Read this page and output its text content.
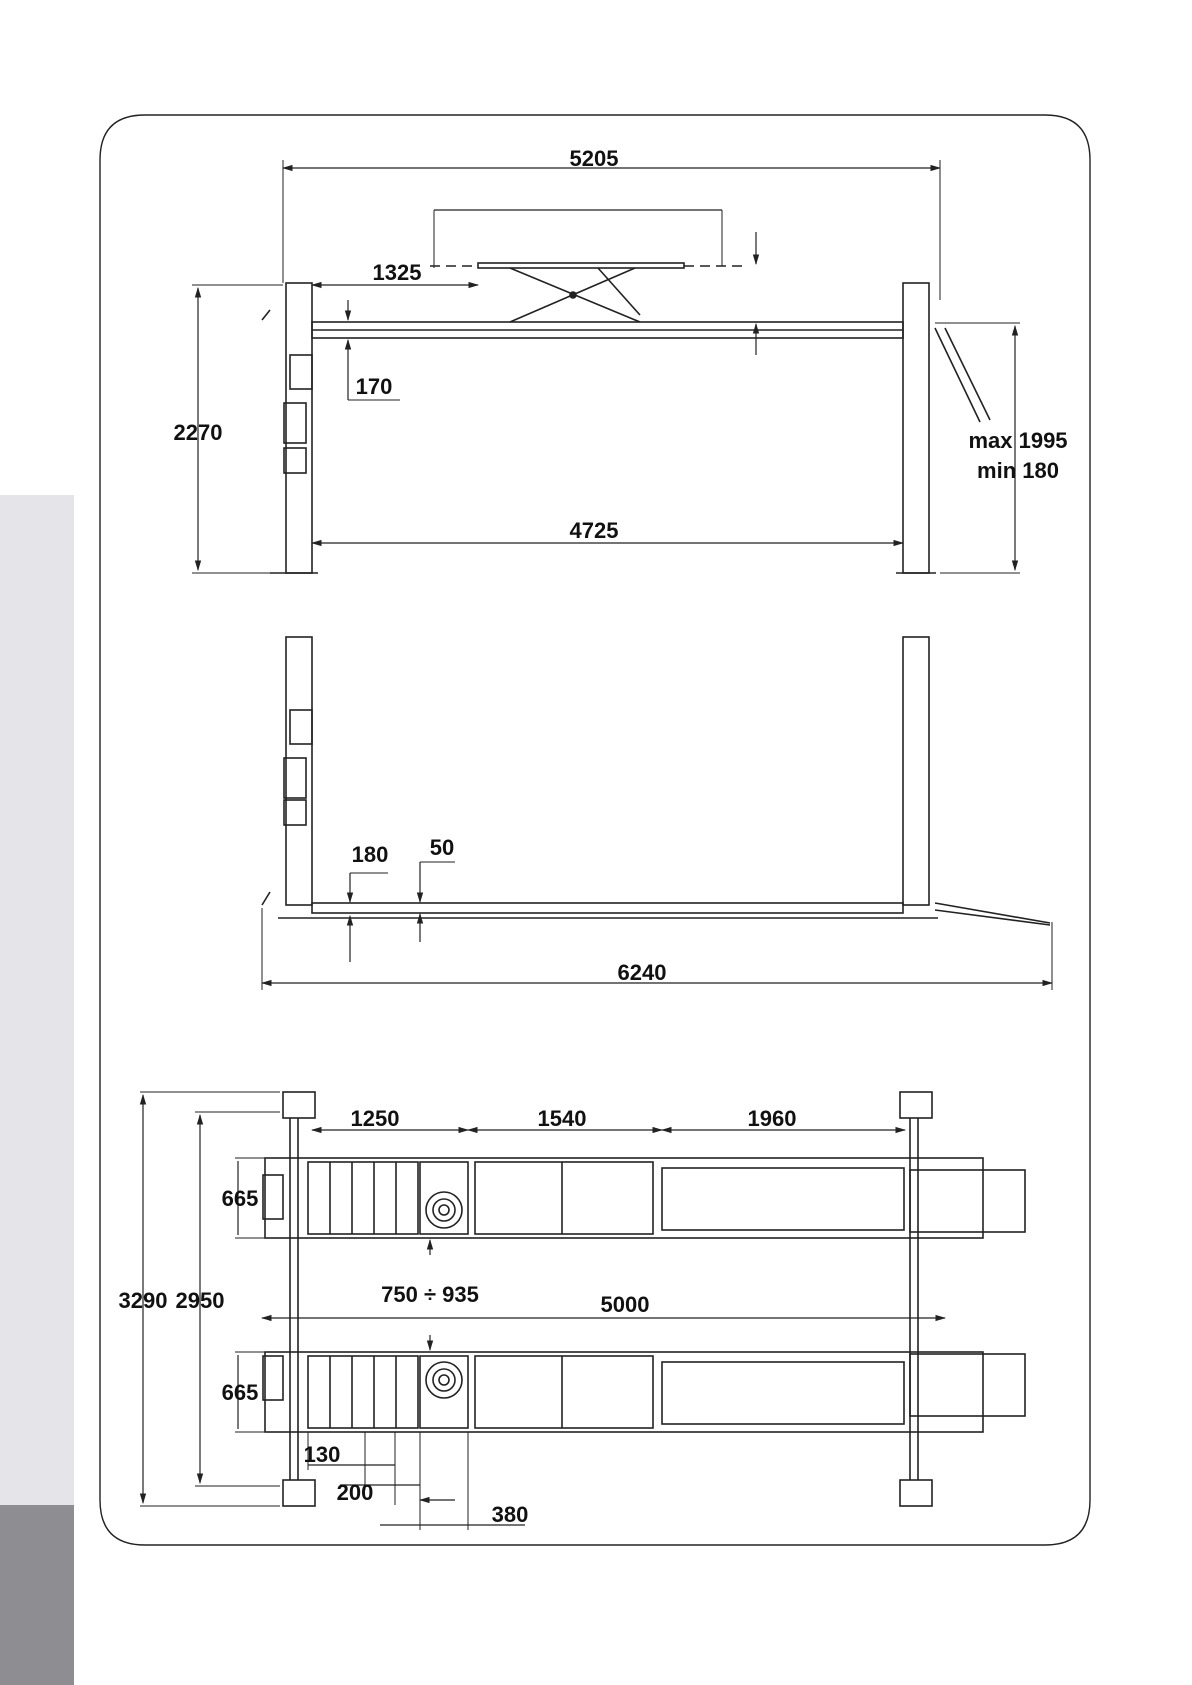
5205
1325
170
2270	max 1995
min 180
4725
180 50
6240
1250	1540	1960
665
665
3290 2950	750 ÷ 935	5000
130
200
380
